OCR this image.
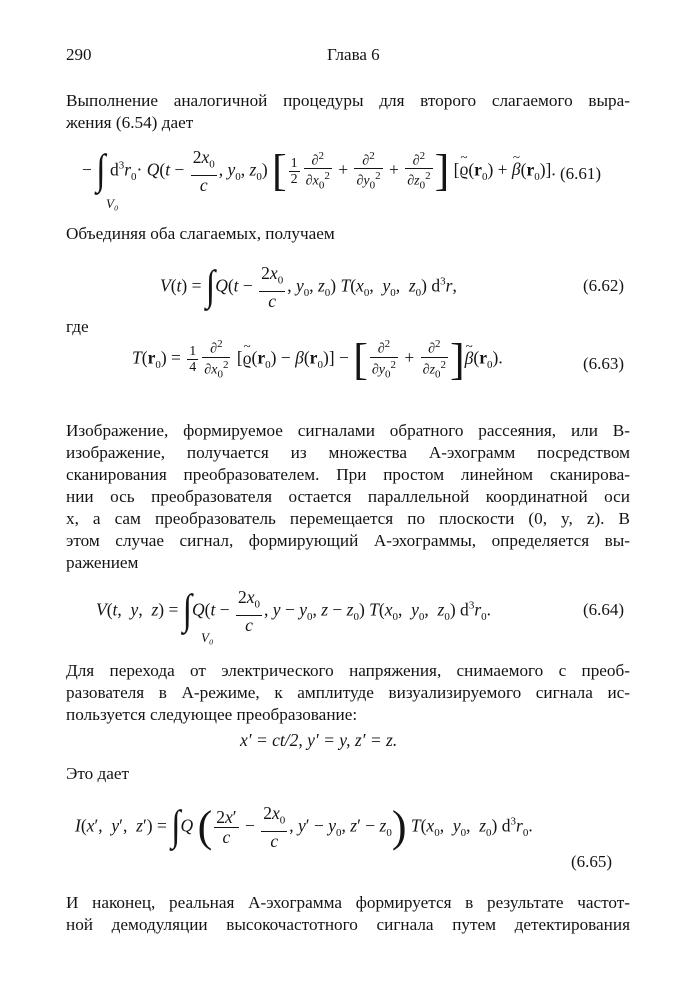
290	Глава 6
Выполнение аналогичной процедуры для второго слагаемого выра-
жения (6.54) дает
− ∫ $d^3r_0\cdot Q(t - \frac{2x_0}{c}$ , $y_0$, $z_0$) [ $\frac{1}{2} \frac{\partial^2}{\partial x_0^2} + \frac{\partial^2}{\partial y_0^2} + \frac{\partial^2}{\partial z_0^2}$ ] [~ $ϱ(r_0)$ + ~ $\beta(r_0)$].
V₀
(6.61)
Объединяя оба слагаемых, получаем
$V(t) = \int Q(t - \frac{2x_0}{c}$ , $y_0$, $z_0$) $T(x_0$,  $y_0$,  $z_0$) $d^3r$,	(6.62)
где
$T(r_0) = \frac{1}{4} \frac{\partial^2}{\partial x_0^2}$ [~ $ϱ(r_0) - \beta(r_0)$] − [ $\frac{\partial^2}{\partial y_0^2} + \frac{\partial^2}{\partial z_0^2}$ ]~ $\beta(r_0)$.	(6.63)
Изображение, формируемое сигналами обратного рассеяния, или В-
изображение, получается из множества А-эхограмм посредством
сканирования преобразователем. При простом линейном сканирова-
нии ось преобразователя остается параллельной координатной оси
x, а сам преобразователь перемещается по плоскости (0, y, z). В
этом случае сигнал, формирующий A-эхограммы, определяется вы-
ражением
V(t,  y,  $z) = \int Q(t - \frac{2x_0}{c}$ , $y - y_0$, $z - z_0$) $T(x_0$,  $y_0$,  $z_0$) $d^3r_0$.
V₀
(6.64)
Для перехода от электрического напряжения, снимаемого с преоб-
разователя в А-режиме, к амплитуде визуализируемого сигнала ис-
пользуется следующее преобразование:
x′ = ct/2, y′ = y, z′ = z.
Это дает
I(x′,  y′,  z′) = ∫Q ( $\frac{2x'}{c} - \frac{2x_0}{c}$ , $y' - y_0$, $z' - z_0$) $T(x_0$,  $y_0$,  $z_0$) $d^3r_0$.
(6.65)
И наконец, реальная А-эхограмма формируется в результате частот-
ной демодуляции высокочастотного сигнала путем детектирования
